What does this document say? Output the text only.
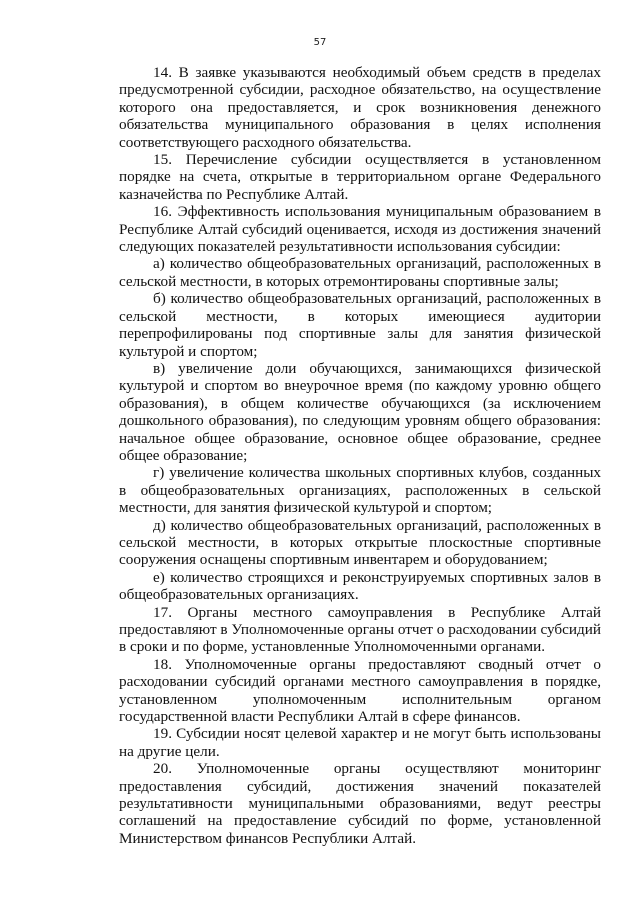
57

14. В заявке указываются необходимый объем средств в пределах предусмотренной субсидии, расходное обязательство, на осуществление которого она предоставляется, и срок возникновения денежного обязательства муниципального образования в целях исполнения соответствующего расходного обязательства.

15. Перечисление субсидии осуществляется в установленном порядке на счета, открытые в территориальном органе Федерального казначейства по Республике Алтай.

16. Эффективность использования муниципальным образованием в Республике Алтай субсидий оценивается, исходя из достижения значений следующих показателей результативности использования субсидии:

а) количество общеобразовательных организаций, расположенных в сельской местности, в которых отремонтированы спортивные залы;

б) количество общеобразовательных организаций, расположенных в сельской местности, в которых имеющиеся аудитории перепрофилированы под спортивные залы для занятия физической культурой и спортом;

в) увеличение доли обучающихся, занимающихся физической культурой и спортом во внеурочное время (по каждому уровню общего образования), в общем количестве обучающихся (за исключением дошкольного образования), по следующим уровням общего образования: начальное общее образование, основное общее образование, среднее общее образование;

г) увеличение количества школьных спортивных клубов, созданных в общеобразовательных организациях, расположенных в сельской местности, для занятия физической культурой и спортом;

д) количество общеобразовательных организаций, расположенных в сельской местности, в которых открытые плоскостные спортивные сооружения оснащены спортивным инвентарем и оборудованием;

е) количество строящихся и реконструируемых спортивных залов в общеобразовательных организациях.

17. Органы местного самоуправления в Республике Алтай предоставляют в Уполномоченные органы отчет о расходовании субсидий в сроки и по форме, установленные Уполномоченными органами.

18. Уполномоченные органы предоставляют сводный отчет о расходовании субсидий органами местного самоуправления в порядке, установленном уполномоченным исполнительным органом государственной власти Республики Алтай в сфере финансов.

19. Субсидии носят целевой характер и не могут быть использованы на другие цели.

20. Уполномоченные органы осуществляют мониторинг предоставления субсидий, достижения значений показателей результативности муниципальными образованиями, ведут реестры соглашений на предоставление субсидий по форме, установленной Министерством финансов Республики Алтай.
